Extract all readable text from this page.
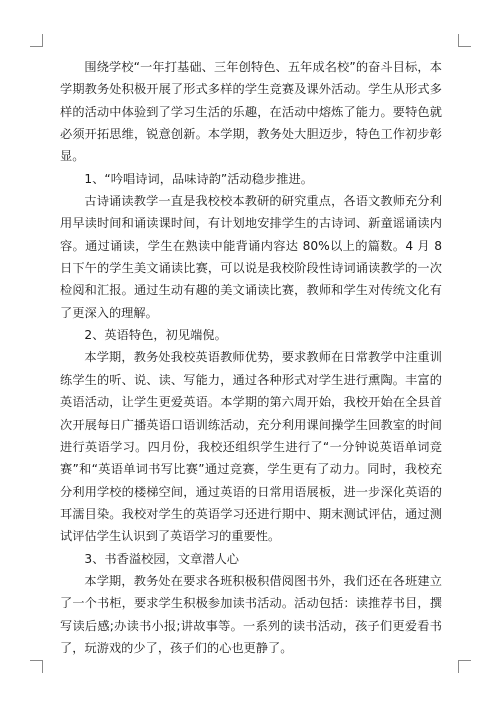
围绕学校“一年打基础、三年创特色、五年成名校”的奋斗目标，本学期教务处积极开展了形式多样的学生竞赛及课外活动。学生从形式多样的活动中体验到了学习生活的乐趣，在活动中熔炼了能力。要特色就必须开拓思维，锐意创新。本学期，教务处大胆迈步，特色工作初步彰显。

1、“吟唱诗词，品味诗韵”活动稳步推进。

古诗诵读教学一直是我校校本教研的研究重点，各语文教师充分利用早读时间和诵读课时间，有计划地安排学生的古诗词、新童谣诵读内容。通过诵读，学生在熟读中能背诵内容达 80%以上的篇数。4 月 8 日下午的学生美文诵读比赛，可以说是我校阶段性诗词诵读教学的一次检阅和汇报。通过生动有趣的美文诵读比赛，教师和学生对传统文化有了更深入的理解。

2、英语特色，初见端倪。

本学期，教务处我校英语教师优势，要求教师在日常教学中注重训练学生的听、说、读、写能力，通过各种形式对学生进行熏陶。丰富的英语活动，让学生更爱英语。本学期的第六周开始，我校开始在全县首次开展每日广播英语口语训练活动，充分利用课间操学生回教室的时间进行英语学习。四月份，我校还组织学生进行了“一分钟说英语单词竞赛”和“英语单词书写比赛”通过竞赛，学生更有了动力。同时，我校充分利用学校的楼梯空间，通过英语的日常用语展板，进一步深化英语的耳濡目染。我校对学生的英语学习还进行期中、期末测试评估，通过测试评估学生认识到了英语学习的重要性。

3、书香溢校园，文章潜人心

本学期，教务处在要求各班积极积借阅图书外，我们还在各班建立了一个书柜，要求学生积极参加读书活动。活动包括：读推荐书目，撰写读后感;办读书小报;讲故事等。一系列的读书活动，孩子们更爱看书了，玩游戏的少了，孩子们的心也更静了。
